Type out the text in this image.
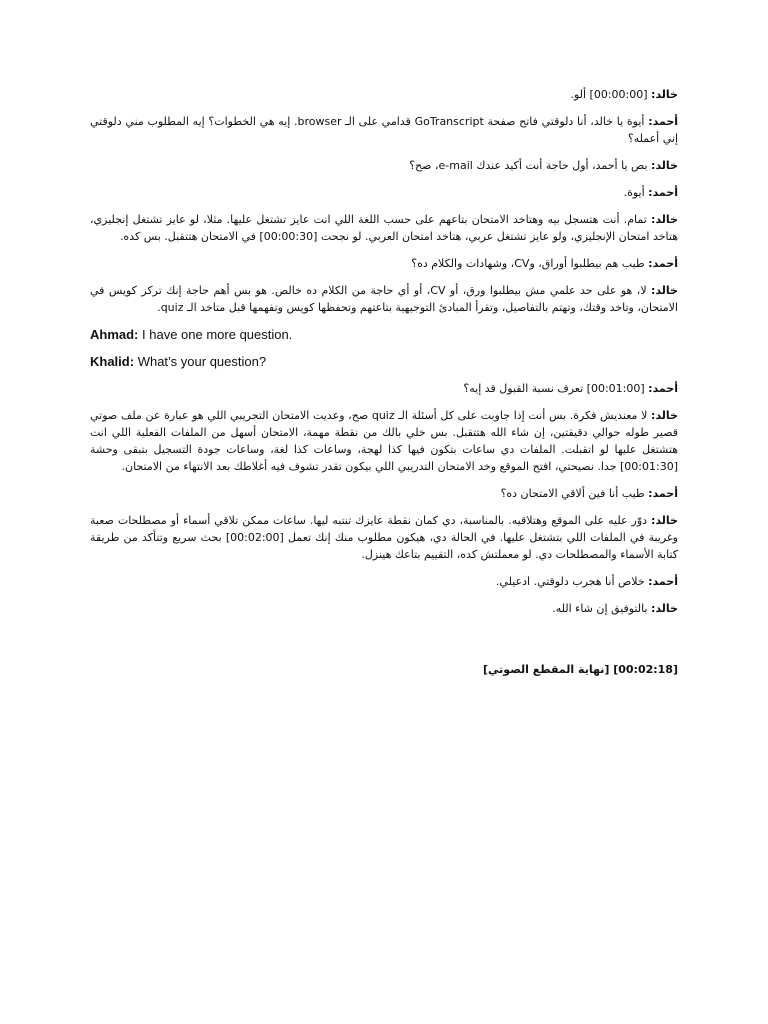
خالد: [00:00:00] ألو.

أحمد: أيوة يا خالد، أنا دلوقتي فاتح صفحة GoTranscript قدامي على الـ browser. إيه هي الخطوات؟ إيه المطلوب مني دلوقتي إني أعمله؟

خالد: بص يا أحمد، أول حاجة أنت أكيد عندك e-mail، صح؟

أحمد: أيوة.

خالد: تمام. أنت هتسجل بيه وهتاخد الامتحان بتاعهم على حسب اللغة اللي انت عايز تشتغل عليها. مثلا، لو عايز تشتغل إنجليزي، هتاخد امتحان الإنجليزي، ولو عايز تشتغل عربي، هتاخد امتحان العربي. لو نجحت [00:00:30] في الامتحان هتتقبل. بس كده.

أحمد: طيب هم بيطلبوا أوراق، وCV، وشهادات والكلام ده؟

خالد: لا، هو على حد علمي مش بيطلبوا ورق، أو CV، أو أي حاجة من الكلام ده خالص. هو بس أهم حاجة إنك تركز كويس في الامتحان، وتاخد وقتك، وتهتم بالتفاصيل، وتقرأ المبادئ التوجيهية بتاعتهم وتحفظها كويس وتفهمها قبل متاخد الـ quiz.

Ahmad: I have one more question.

Khalid: What’s your question?

أحمد: [00:01:00] تعرف نسبة القبول قد إيه؟

خالد: لا معنديش فكرة. بس أنت إذا جاوبت على كل أسئلة الـ quiz صح، وعديت الامتحان التجريبي اللي هو عبارة عن ملف صوتي قصير طوله حوالي دقيقتين، إن شاء الله هتتقبل. بس خلي بالك من نقطة مهمة، الامتحان أسهل من الملفات الفعلية اللي انت هتشتغل عليها لو اتقبلت. الملفات دي ساعات بتكون فيها كذا لهجة، وساعات كذا لغة، وساعات جودة التسجيل بتبقى وحشة [00:01:30] جدا. نصيحتي، افتح الموقع وخد الامتحان التدريبي اللي بيكون تقدر تشوف فيه أغلاطك بعد الانتهاء من الامتحان.

أحمد: طيب أنا فين ألاقي الامتحان ده؟

خالد: دوّر عليه على الموقع وهتلاقيه. بالمناسبة، دي كمان نقطة عايزك تنتبه ليها. ساعات ممكن تلاقي أسماء أو مصطلحات صعبة وغريبة في الملفات اللي بتشتغل عليها. في الحالة دي، هيكون مطلوب منك إنك تعمل [00:02:00] بحث سريع وتتأكد من طريقة كتابة الأسماء والمصطلحات دي. لو معملتش كده، التقييم بتاعك هينزل.

أحمد: خلاص أنا هجرب دلوقتي. ادعيلي.

خالد: بالتوفيق إن شاء الله.

[00:02:18] [نهاية المقطع الصوتي]
